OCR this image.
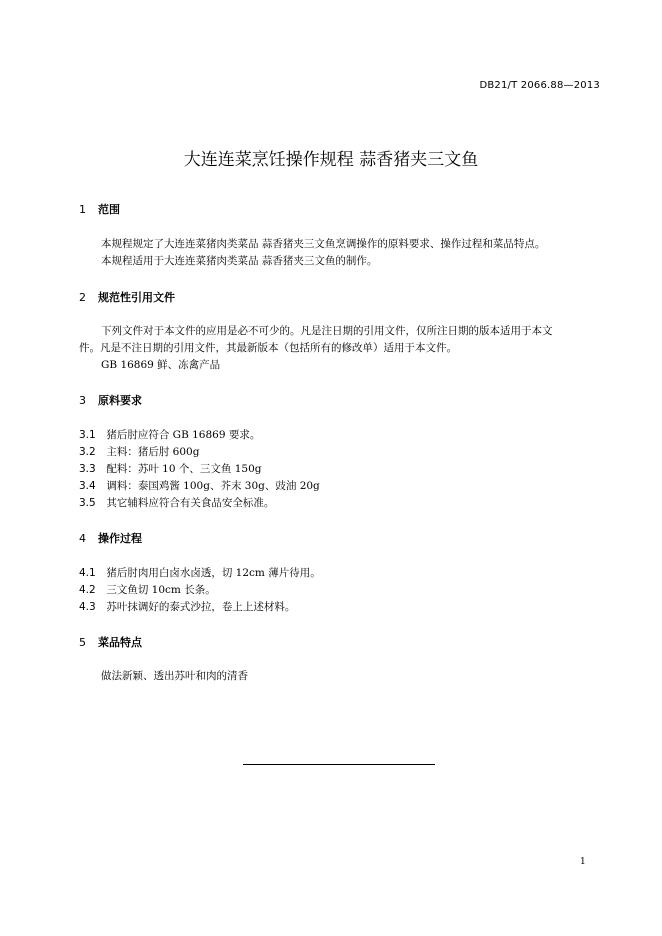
DB21/T 2066.88—2013
大连连菜烹饪操作规程 蒜香猪夹三文鱼
1 范围
本规程规定了大连连菜猪肉类菜品 蒜香猪夹三文鱼烹调操作的原料要求、操作过程和菜品特点。
本规程适用于大连连菜猪肉类菜品 蒜香猪夹三文鱼的制作。
2 规范性引用文件
下列文件对于本文件的应用是必不可少的。凡是注日期的引用文件，仅所注日期的版本适用于本文
件。凡是不注日期的引用文件，其最新版本（包括所有的修改单）适用于本文件。
GB 16869 鲜、冻禽产品
3 原料要求
3.1 猪后肘应符合 GB 16869 要求。
3.2 主料：猪后肘 600g
3.3 配料：苏叶 10 个、三文鱼 150g
3.4 调料：泰国鸡酱 100g、芥末 30g、豉油 20g
3.5 其它辅料应符合有关食品安全标准。
4 操作过程
4.1 猪后肘肉用白卤水卤透，切 12cm 薄片待用。
4.2 三文鱼切 10cm 长条。
4.3 苏叶抹调好的泰式沙拉，卷上上述材料。
5 菜品特点
做法新颖、透出苏叶和肉的清香
1
